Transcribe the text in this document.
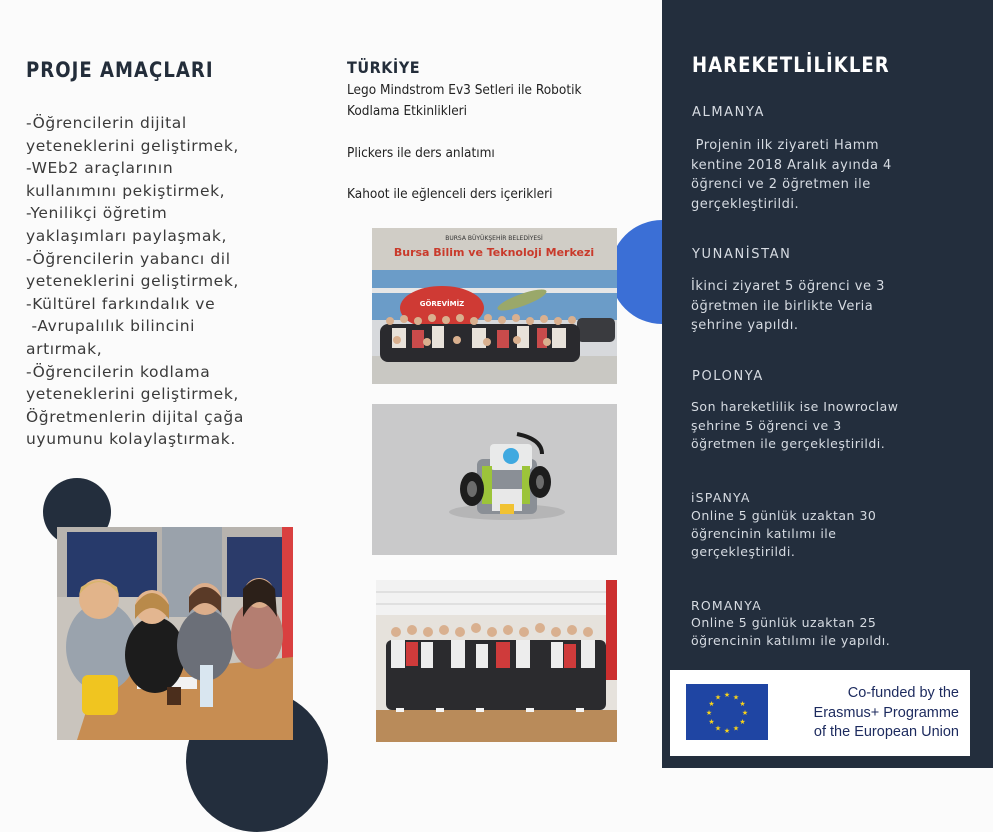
PROJE AMAÇLARI
-Öğrencilerin dijital
yeteneklerini geliştirmek,
-WEb2 araçlarının
kullanımını pekiştirmek,
-Yenilikçi öğretim
yaklaşımları paylaşmak,
-Öğrencilerin yabancı dil
yeteneklerini geliştirmek,
-Kültürel farkındalık ve
-Avrupalılık bilincini
artırmak,
-Öğrencilerin kodlama
yeteneklerini geliştirmek,
Öğretmenlerin dijital çağa
uyumunu kolaylaştırmak.
TÜRKİYE
Lego Mindstrom Ev3 Setleri ile Robotik
Kodlama Etkinlikleri
Plickers ile ders anlatımı
Kahoot ile eğlenceli ders içerikleri
BURSA BÜYÜKŞEHİR BELEDİYESİ
Bursa Bilim ve Teknoloji Merkezi
GÖREVİMİZ
HAREKETLİLİKLER
ALMANYA
Projenin ilk ziyareti Hamm
kentine 2018 Aralık ayında 4
öğrenci ve 2 öğretmen ile
gerçekleştirildi.
YUNANİSTAN
İkinci ziyaret 5 öğrenci ve 3
öğretmen ile birlikte Veria
şehrine yapıldı.
POLONYA
Son hareketlilik ise Inowroclaw
şehrine 5 öğrenci ve 3
öğretmen ile gerçekleştirildi.
iSPANYA
Online 5 günlük uzaktan 30
öğrencinin katılımı ile
gerçekleştirildi.
ROMANYA
Online 5 günlük uzaktan 25
öğrencinin katılımı ile yapıldı.
★ ★
★
★
★
★
★
★
★
★
★
★	Co-funded by the
Erasmus+ Programme
of the European Union
